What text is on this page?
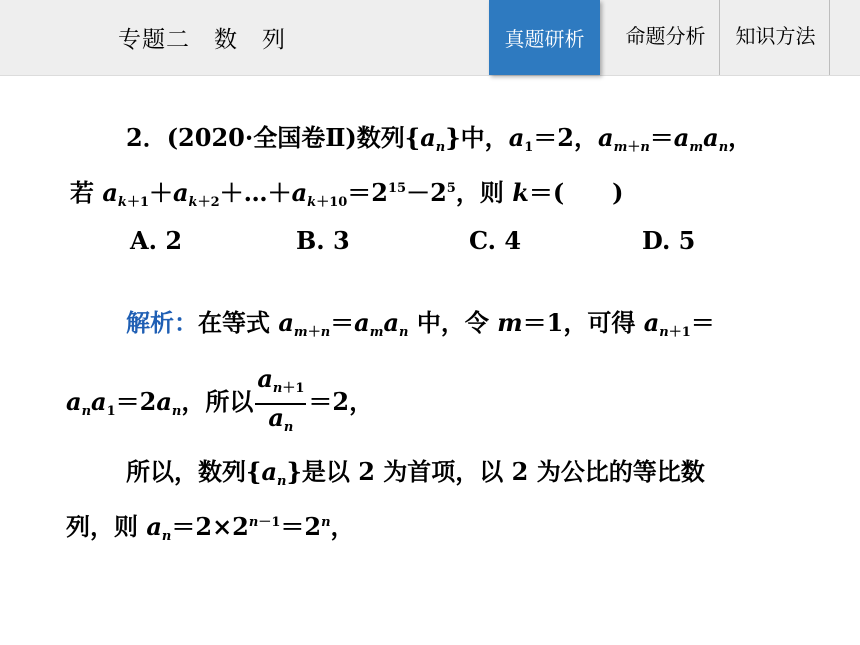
专题二　数　列	真题研析	命题分析	知识方法
2．(2020·全国卷Ⅱ)数列$\{a_n\}$中，$a_1=2$，$a_{m+n}=a_ma_n$，
若 $a_{k+1}+a_{k+2}+\dots+a_{k+10}=2^{15}-2^5$，则 k＝(　　)
A. 2	B. 3	C. 4	D. 5
解析：在等式 $a_{m+n}=a_ma_n$ 中，令 m＝1，可得 $a_{n+1}=$
$a_na_1=2a_n$，所以 $\frac{a_{n+1}}{a_n} =2$，
所以，数列$\{a_n\}$是以 2 为首项，以 2 为公比的等比数
列，则 $a_n=2\times 2^{n-1}=2^n$，
